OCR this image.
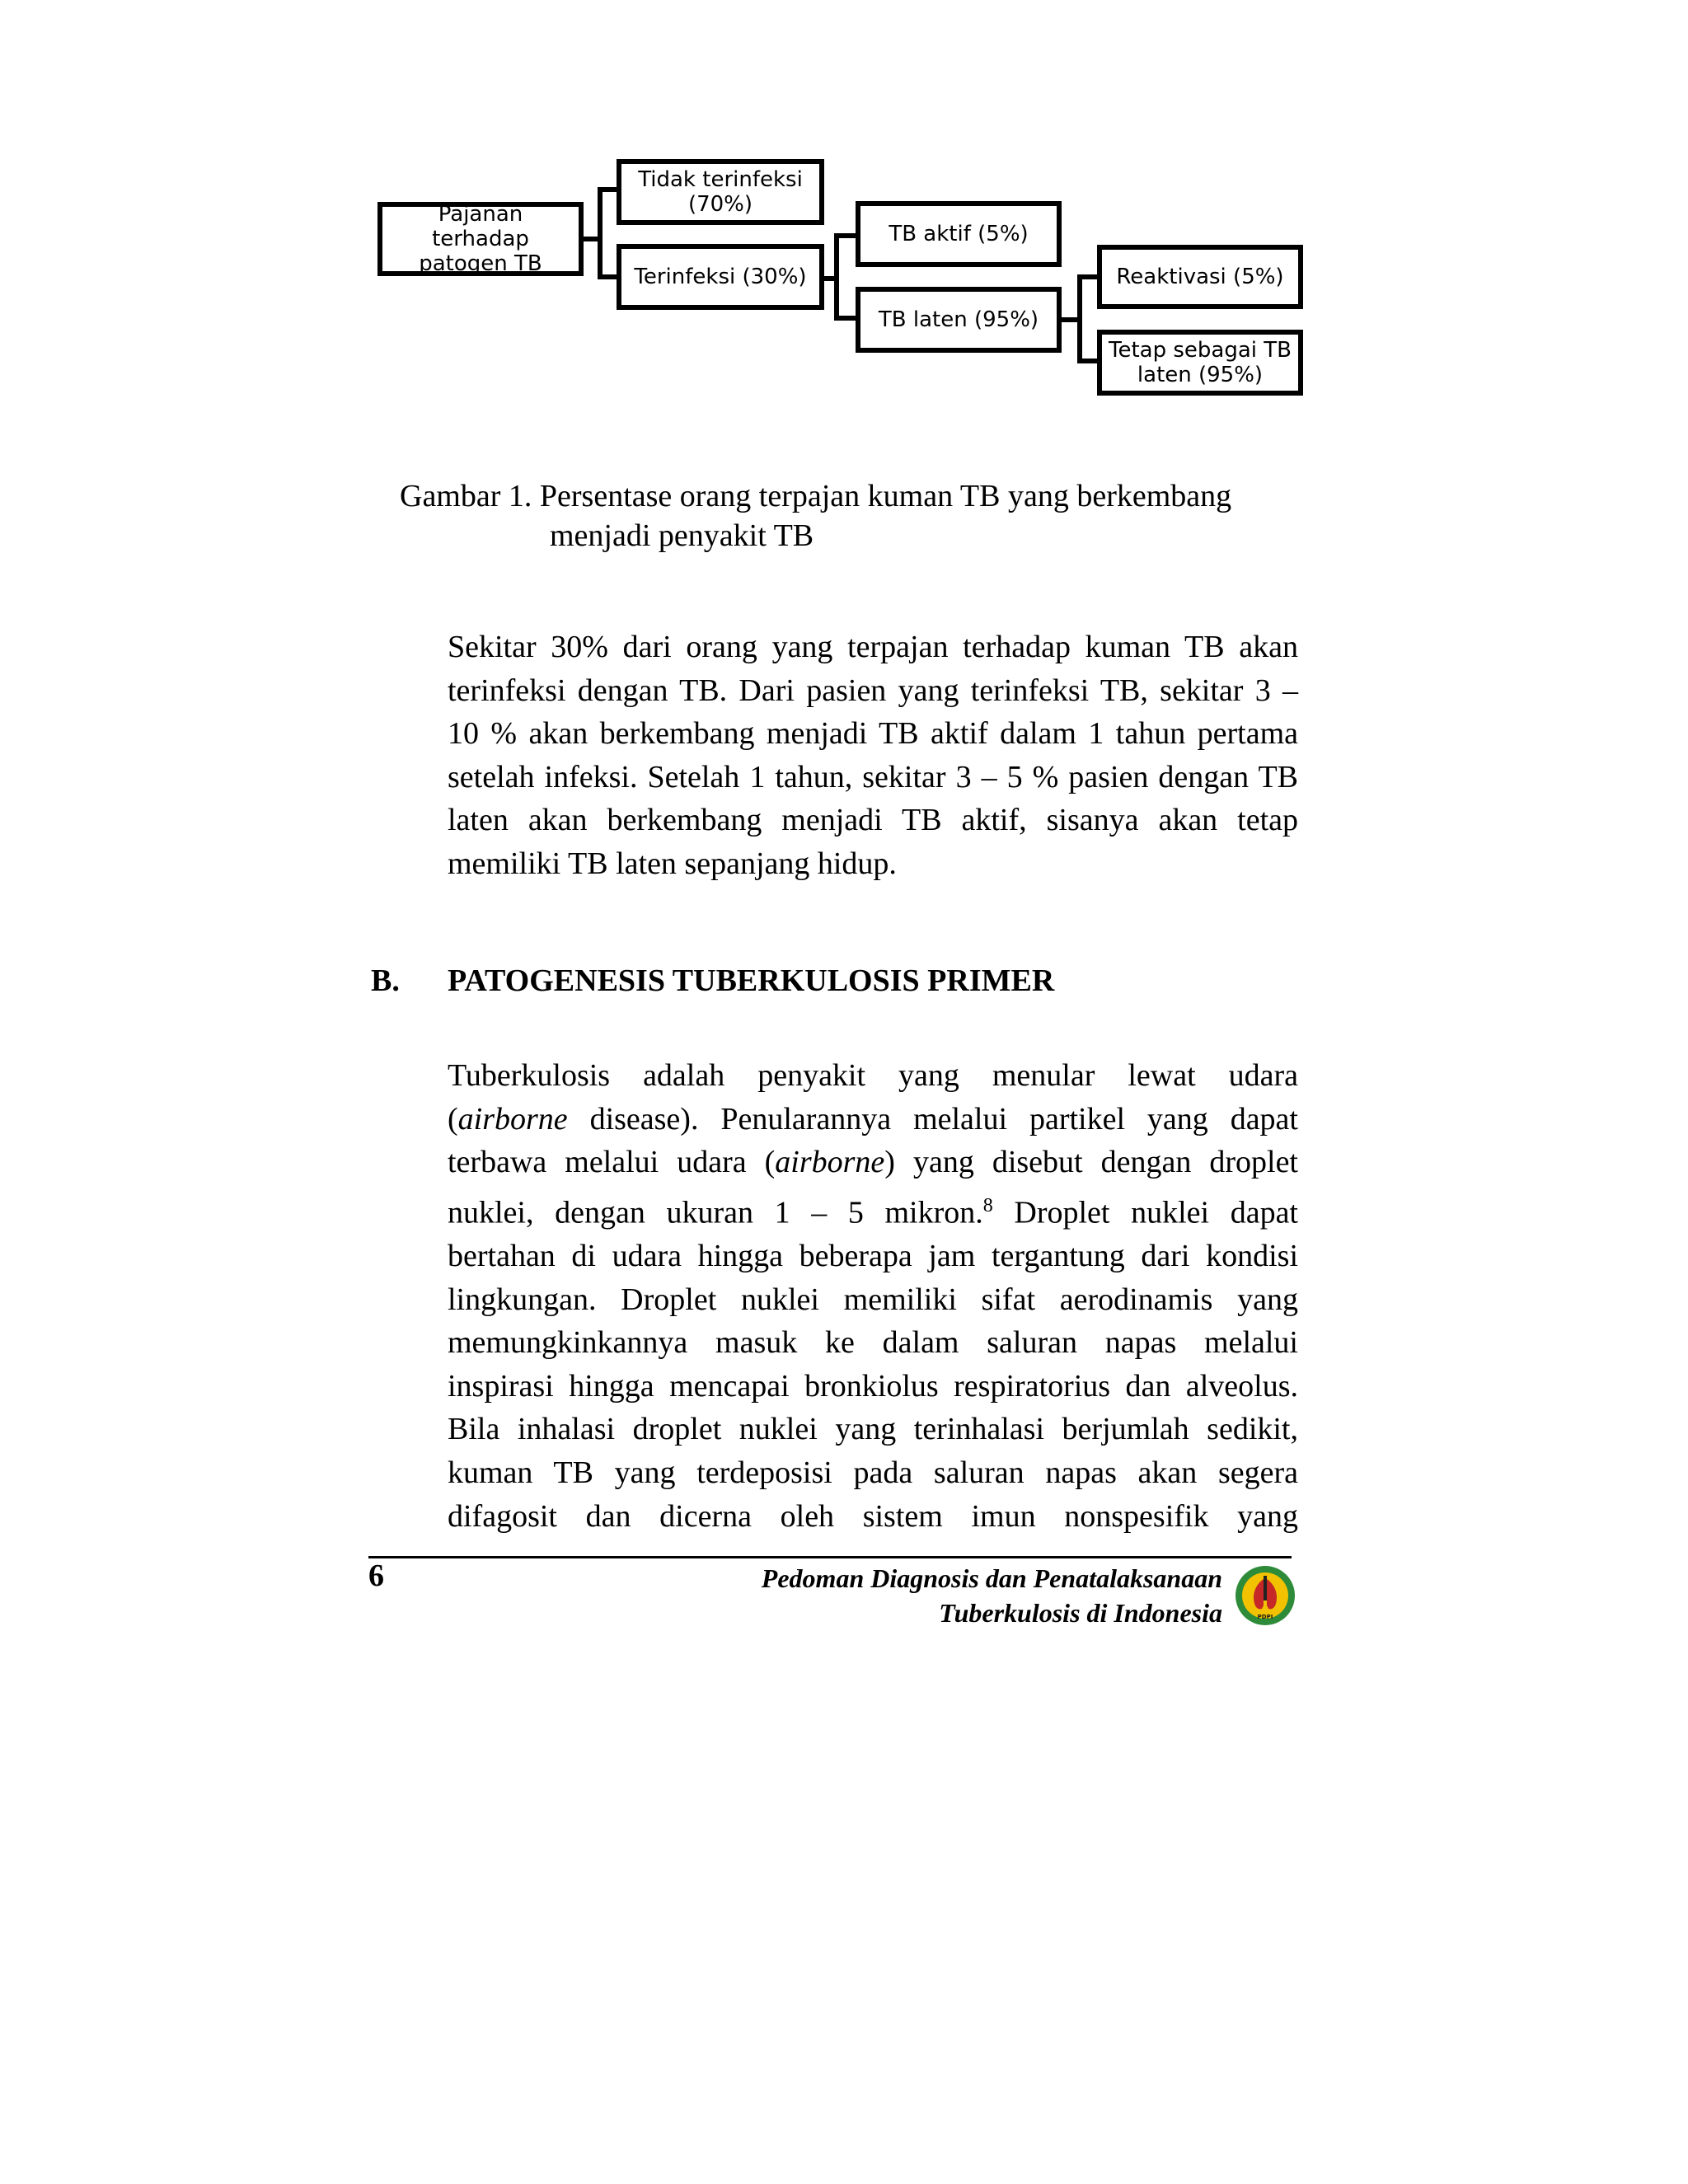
Pajanan terhadap
patogen TB
Tidak terinfeksi
(70%)
Terinfeksi (30%)
TB aktif (5%)
TB laten (95%)
Reaktivasi (5%)
Tetap sebagai TB
laten (95%)
Gambar 1. Persentase orang terpajan kuman TB yang berkembang
menjadi penyakit TB
Sekitar 30% dari orang yang terpajan terhadap kuman TB akan
terinfeksi dengan TB. Dari pasien yang terinfeksi TB, sekitar 3 –
10 % akan berkembang menjadi TB aktif dalam 1 tahun pertama
setelah infeksi. Setelah 1 tahun, sekitar 3 – 5 % pasien dengan TB
laten akan berkembang menjadi TB aktif, sisanya akan tetap
memiliki TB laten sepanjang hidup.
B. PATOGENESIS TUBERKULOSIS PRIMER
Tuberkulosis adalah penyakit yang menular lewat udara
(airborne disease). Penularannya melalui partikel yang dapat
terbawa melalui udara (airborne) yang disebut dengan droplet
nuklei, dengan ukuran 1 – 5 mikron.$^8$ Droplet nuklei dapat
bertahan di udara hingga beberapa jam tergantung dari kondisi
lingkungan. Droplet nuklei memiliki sifat aerodinamis yang
memungkinkannya masuk ke dalam saluran napas melalui
inspirasi hingga mencapai bronkiolus respiratorius dan alveolus.
Bila inhalasi droplet nuklei yang terinhalasi berjumlah sedikit,
kuman TB yang terdeposisi pada saluran napas akan segera
difagosit dan dicerna oleh sistem imun nonspesifik yang
6	Pedoman Diagnosis dan Penatalaksanaan
Tuberkulosis di Indonesia	PDPI
